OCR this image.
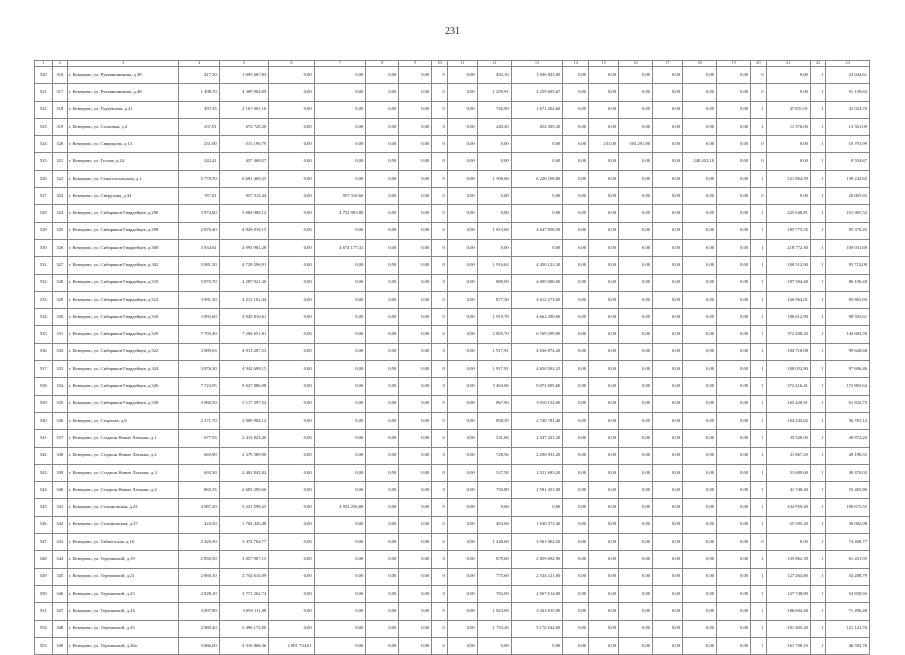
231
1	2	3	4	5	6	7	8	9	10	11	12	13	14	15	16	17	18	19	20	21	22	23
520	316	г. Кемерово, ул. Рукавишникова, д.38	417,50	1 093 667,83	0,00	0,00	0,00	0,00	0	0,00	492,10	1 036 823,00	0,00	0,00	0,00	0,00	0,00	0,00	0	0,00	1	23 044,61
521	317	г. Кемерово, ул. Рукавишникова, д.48	1 498,70	4 309 964,09	0,00	0,00	0,00	0,00	0	0,00	1 259,91	4 259 605,67	0,00	0,00	0,00	0,00	0,00	0,00	0	0,00	1	91 139,83
522	318	г. Кемерово, ул. Гурьевская, д.21	497,35	2 167 001,16	0,00	0,00	0,00	0,00	0	0,00	745,90	1 671 264,60	0,00	0,00	0,00	0,00	0,00	0,00	1	47 851,01	1	41 024,70
523	319	г. Кемерово, ул. Сосновая, д.4	237,01	673 720,20	0,00	0,00	0,00	0,00	0	0,00	240,20	652 565,30	0,00	0,00	0,00	0,00	0,00	0,00	1	11 376,00	1	13 561,00
524	320	г. Кемерово, ул. Свиридова, д.13	231,00	515 190,79	0,00	0,00	0,00	0,00	0	0,00	0,00	0,00	0,00	231,00	504 291,80	0,00	0,00	0,00	0	0,00	1	10 791,99
525	321	г. Кемерово, ул. Гусева, д.24	242,41	457 468,27	0,00	0,00	0,00	0,00	0	0,00	0,00	0,00	0,00	0,00	0,00	0,00	248 452,10	0,00	0	0,00	1	9 554,67
526	322	г. Кемерово, ул. Севастопольская, д.1	5 778,50	6 681 469,25	0,00	0,00	0,00	0,00	0	0,00	1 500,00	6 226 108,80	0,00	0,00	0,00	0,00	0,00	0,00	1	321 864,59	1	139 242,82
527	323	г. Кемерово, ул. Свердлова, д.34	767,81	957 314,44	0,00	957 316,66	0,00	0,00	0	0,00	0,00	0,00	0,00	0,00	0,00	0,00	0,00	0,00	0	0,00	1	20 005,65
528	324	г. Кемерово, ул. Сибиряков-Гвардейцев, д.296	3 874,60	5 084 908,12	0,00	4 752 993,80	0,00	0,00	0	0,00	0,00	0,00	0,00	0,00	0,00	0,00	0,00	0,00	1	225 648,81	1	101 965,52
529	325	г. Кемерово, ул. Сибиряков-Гвардейцев, д.298	2 870,40	4 929 018,15	0,00	0,00	0,00	0,00	0	0,00	1 813,06	4 647 858,50	0,00	0,00	0,00	0,00	0,00	0,00	1	185 775,35	1	95 379,45
530	326	г. Кемерово, ул. Сибиряков-Гвардейцев, д.300	3 834,61	4 993 981,28	0,00	4 674 177,41	0,00	0,00	0	0,00	0,00	0,00	0,00	0,00	0,00	0,00	0,00	0,00	1	218 772,30	1	100 031,68
531	327	г. Кемерово, ул. Сибиряков-Гвардейцев, д.302	3 881,50	4 729 596,91	0,00	0,00	0,00	0,00	0	0,00	1 916,62	4 450 121,30	0,00	0,00	0,00	0,00	0,00	0,00	1	188 512,90	1	95 712,00
532	328	г. Кемерово, ул. Сибиряков-Гвардейцев, д.310	3 870,70	4 287 921,30	0,00	0,00	0,00	0,00	0	0,00	880,00	4 005 000,00	0,00	0,00	0,00	0,00	0,00	0,00	1	187 394,40	1	86 196,40
533	329	г. Кемерово, ул. Сибиряков-Гвардейцев, д.312	3 891,30	4 215 102,44	0,00	0,00	0,00	0,00	0	0,00	877,30	4 012 273,60	0,00	0,00	0,00	0,00	0,00	0,00	1	166 964,01	1	85 865,69
534	330	г. Кемерово, ул. Сибиряков-Гвардейцев, д.316	3 893,60	4 945 810,61	0,00	0,00	0,00	0,00	0	0,00	1 919,78	4 662 290,00	0,00	0,00	0,00	0,00	0,00	0,00	1	186 612,90	1	98 592,61
535	331	г. Кемерово, ул. Сибиряков-Гвардейцев, д.320	7 793,40	7 284 651,81	0,00	0,00	0,00	0,00	0	0,00	2 865,70	6 769 299,90	0,00	0,00	0,00	0,00	0,00	0,00	1	372 408,20	1	144 883,59
536	332	г. Кемерово, ул. Сибиряков-Гвардейцев, д.322	3 889,63	4 913 207,53	0,00	0,00	0,00	0,00	0	0,00	1 917,91	4 636 874,20	0,00	0,00	0,00	0,00	0,00	0,00	1	184 710,08	1	99 628,68
537	333	г. Кемерово, ул. Сибиряков-Гвардейцев, д.324	3 876,30	4 942 699,15	0,00	0,00	0,00	0,00	0	0,00	1 917,91	4 650 501,25	0,00	0,00	0,00	0,00	0,00	0,00	1	188 052,80	1	97 696,46
538	334	г. Кемерово, ул. Сибиряков-Гвардейцев, д.326	7 724,95	9 627 886,08	0,00	0,00	0,00	0,00	0	0,00	3 463,06	9 072 695,60	0,00	0,00	0,00	0,00	0,00	0,00	1	372 216,41	1	172 865,64
539	335	г. Кемерово, ул. Сибиряков-Гвардейцев, д.330	3 860,50	5 117 397,52	0,00	0,00	0,00	0,00	0	0,00	867,90	3 910 124,00	0,00	0,00	0,00	0,00	0,00	0,00	1	165 428,81	1	61 832,75
540	336	г. Кемерово, ул. Спартака, д.6	2 171,70	2 909 904,12	0,00	0,00	0,00	0,00	0	0,00	858,29	2 740 781,40	0,00	0,00	0,00	0,00	0,00	0,00	1	104 243,62	1	56 781,12
541	337	г. Кемерово, ул. Стадион Новые Латыши, д.1	677,93	2 413 823,40	0,00	0,00	0,00	0,00	0	0,00	531,86	2 337 431,20	0,00	0,00	0,00	0,00	0,00	0,00	1	35 520,00	1	40 872,20
542	338	г. Кемерово, ул. Стадион Новые Латыши, д.2	663,90	2 379 589,90	0,00	0,00	0,00	0,00	0	0,00	728,56	2 296 931,20	0,00	0,00	0,00	0,00	0,00	0,00	1	31 867,20	1	49 198,55
543	339	г. Кемерово, ул. Стадион Новые Латыши, д.3	693,30	2 402 842,82	0,00	0,00	0,00	0,00	0	0,00	537,58	2 311 683,20	0,00	0,00	0,00	0,00	0,00	0,00	1	31 689,60	1	49 470,02
544	340	г. Кемерово, ул. Стадион Новые Латыши, д.4	865,35	2 683 299,66	0,00	0,00	0,00	0,00	0	0,00	750,80	2 591 451,00	0,00	0,00	0,00	0,00	0,00	0,00	1	41 740,40	1	55 465,86
545	341	г. Кемерово, ул. Стахановская, д.23	4 987,20	5 221 598,25	0,00	4 952 256,80	0,00	0,00	0	0,00	0,00	0,00	0,00	0,00	0,00	0,00	0,00	0,00	1	232 959,40	1	196 673,55
546	342	г. Кемерово, ул. Стахановская, д.37	424,50	1 704 426,48	0,00	0,00	0,00	0,00	0	0,00	463,68	1 630 373,40	0,00	0,00	0,00	0,00	0,00	0,00	1	25 395,20	1	36 082,08
547	343	г. Кемерово, ул. Тайшетская, д.16	2 420,50	3 474 764,77	0,00	0,00	0,00	0,00	0	0,00	1 448,60	3 561 062,50	0,00	0,00	0,00	0,00	0,00	0,00	0	0,00	1	74 408,77
548	344	г. Кемерово, ул. Терешковой, д.19	2 850,50	3 057 967,15	0,00	0,00	0,00	0,00	0	0,00	879,60	2 859 692,90	0,00	0,00	0,00	0,00	0,00	0,00	1	135 862,30	1	61 431,95
549	345	г. Кемерово, ул. Терешковой, д.21	2 860,10	2 754 614,09	0,00	0,00	0,00	0,00	0	0,00	775,60	2 534 121,00	0,00	0,00	0,00	0,00	0,00	0,00	1	127 264,80	1	54 288,79
550	346	г. Кемерово, ул. Терешковой, д.23	2 828,10	2 771 262,74	0,00	0,00	0,00	0,00	0	0,00	792,00	2 567 614,00	0,00	0,00	0,00	0,00	0,00	0,00	1	127 748,80	1	54 839,94
551	347	г. Кемерово, ул. Терешковой, д.24	3 897,80	3 693 111,88	0,00	0,00	0,00	0,00	0	0,00	1 923,09	3 263 815,00	0,00	0,00	0,00	0,00	0,00	0,00	1	186 694,40	1	71 496,48
552	348	г. Кемерово, ул. Терешковой, д.25	2 980,40	5 496 172,00	0,00	0,00	0,00	0,00	0	0,00	1 733,20	5 170 544,00	0,00	0,00	0,00	0,00	0,00	0,00	1	191 405,20	1	121 141,76
553	349	г. Кемерово, ул. Терешковой, д.26а	3 866,00	2 316 868,36	2 001 734,01	0,00	0,00	0,00	0	0,00	0,00	0,00	0,00	0,00	0,00	0,00	0,00	0,00	1	161 708,10	1	46 592,76
